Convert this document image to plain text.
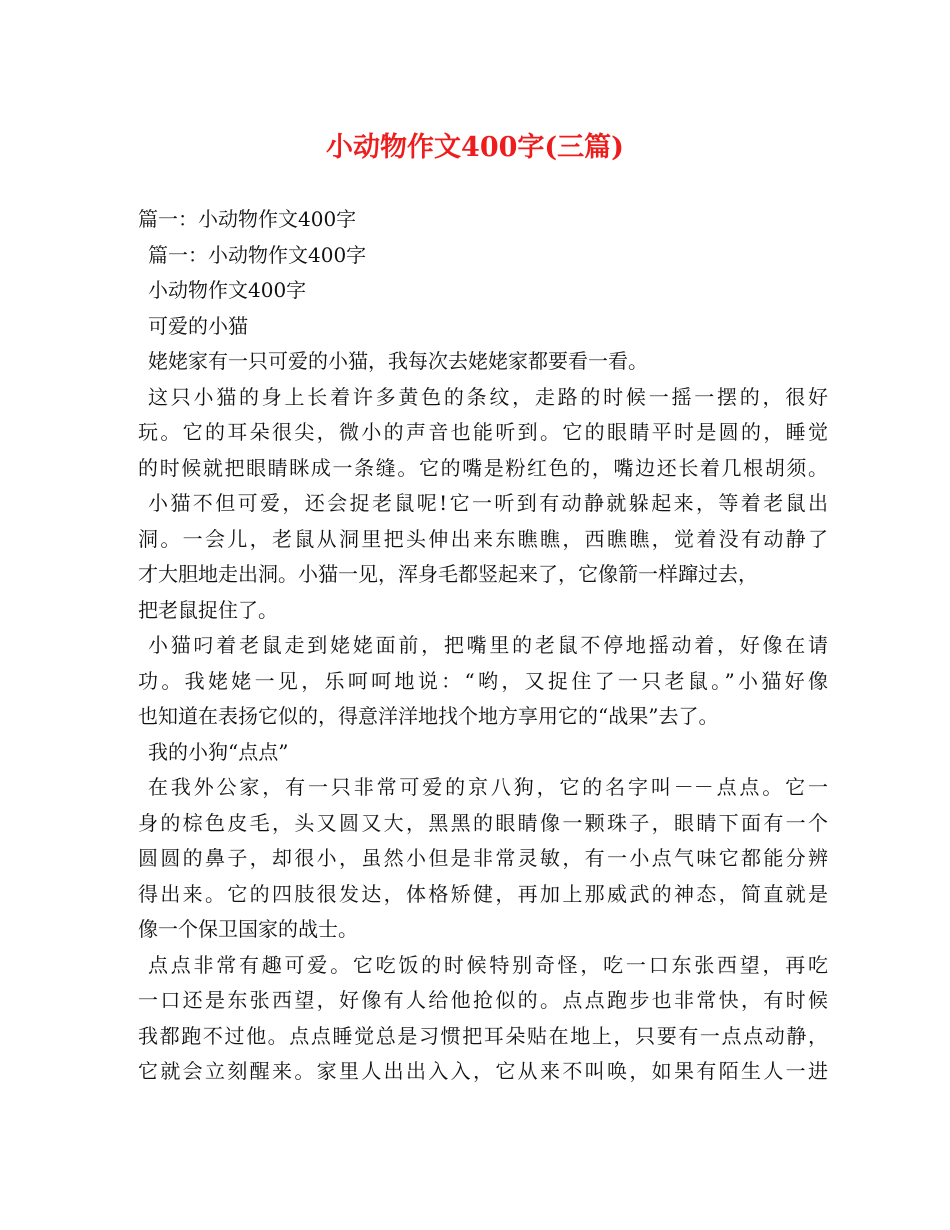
小动物作文400字(三篇)
篇一：小动物作文400字
篇一：小动物作文400字
小动物作文400字
可爱的小猫
姥姥家有一只可爱的小猫，我每次去姥姥家都要看一看。
这只小猫的身上长着许多黄色的条纹，走路的时候一摇一摆的，很好
玩。它的耳朵很尖，微小的声音也能听到。它的眼睛平时是圆的，睡觉
的时候就把眼睛眯成一条缝。它的嘴是粉红色的，嘴边还长着几根胡须。
小猫不但可爱，还会捉老鼠呢!它一听到有动静就躲起来，等着老鼠出
洞。一会儿，老鼠从洞里把头伸出来东瞧瞧，西瞧瞧，觉着没有动静了
才大胆地走出洞。小猫一见，浑身毛都竖起来了，它像箭一样蹿过去，
把老鼠捉住了。
小猫叼着老鼠走到姥姥面前，把嘴里的老鼠不停地摇动着，好像在请
功。我姥姥一见，乐呵呵地说：“哟，又捉住了一只老鼠。”小猫好像
也知道在表扬它似的，得意洋洋地找个地方享用它的“战果”去了。
我的小狗“点点”
在我外公家，有一只非常可爱的京八狗，它的名字叫－－点点。它一
身的棕色皮毛，头又圆又大，黑黑的眼睛像一颗珠子，眼睛下面有一个
圆圆的鼻子，却很小，虽然小但是非常灵敏，有一小点气味它都能分辨
得出来。它的四肢很发达，体格矫健，再加上那威武的神态，简直就是
像一个保卫国家的战士。
点点非常有趣可爱。它吃饭的时候特别奇怪，吃一口东张西望，再吃
一口还是东张西望，好像有人给他抢似的。点点跑步也非常快，有时候
我都跑不过他。点点睡觉总是习惯把耳朵贴在地上，只要有一点点动静，
它就会立刻醒来。家里人出出入入，它从来不叫唤，如果有陌生人一进
